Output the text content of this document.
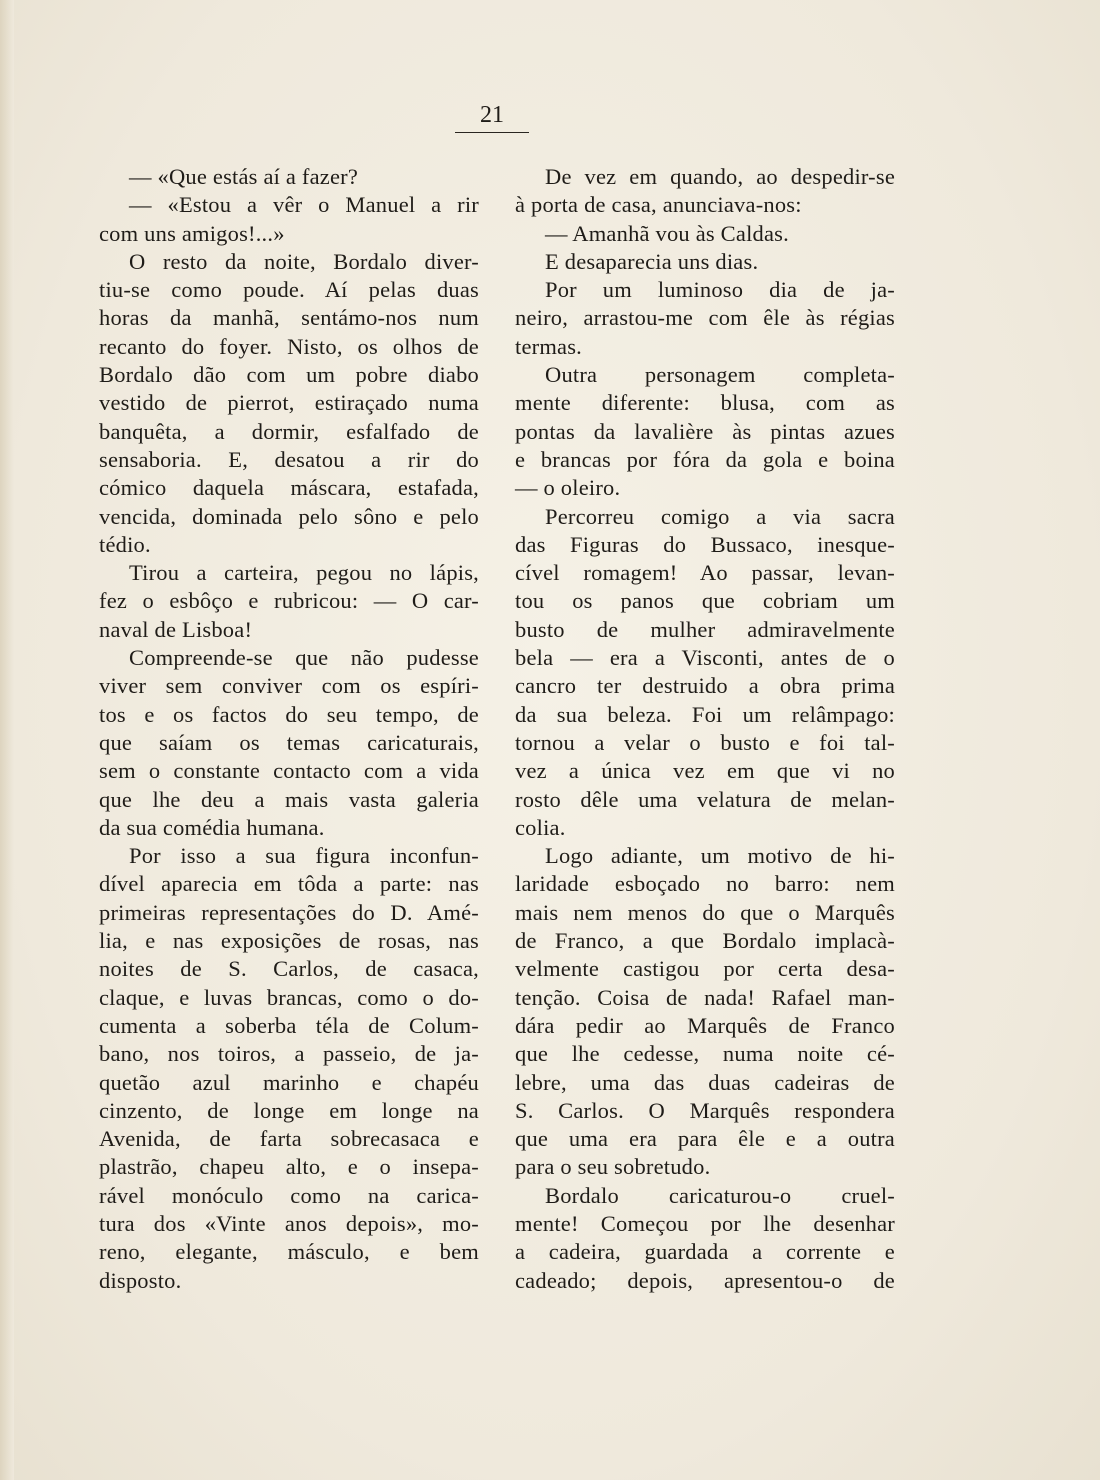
21
— «Que estás aí a fazer?
— «Estou a vêr o Manuel a rir
com uns amigos!...»
O resto da noite, Bordalo diver-
tiu-se como poude. Aí pelas duas
horas da manhã, sentámo-nos num
recanto do foyer. Nisto, os olhos de
Bordalo dão com um pobre diabo
vestido de pierrot, estiraçado numa
banquêta, a dormir, esfalfado de
sensaboria. E, desatou a rir do
cómico daquela máscara, estafada,
vencida, dominada pelo sôno e pelo
tédio.
Tirou a carteira, pegou no lápis,
fez o esbôço e rubricou: — O car-
naval de Lisboa!
Compreende-se que não pudesse
viver sem conviver com os espíri-
tos e os factos do seu tempo, de
que saíam os temas caricaturais,
sem o constante contacto com a vida
que lhe deu a mais vasta galeria
da sua comédia humana.
Por isso a sua figura inconfun-
dível aparecia em tôda a parte: nas
primeiras representações do D. Amé-
lia, e nas exposições de rosas, nas
noites de S. Carlos, de casaca,
claque, e luvas brancas, como o do-
cumenta a soberba téla de Colum-
bano, nos toiros, a passeio, de ja-
quetão azul marinho e chapéu
cinzento, de longe em longe na
Avenida, de farta sobrecasaca e
plastrão, chapeu alto, e o insepa-
rável monóculo como na carica-
tura dos «Vinte anos depois», mo-
reno, elegante, másculo, e bem
disposto.
De vez em quando, ao despedir-se
à porta de casa, anunciava-nos:
— Amanhã vou às Caldas.
E desaparecia uns dias.
Por um luminoso dia de ja-
neiro, arrastou-me com êle às régias
termas.
Outra personagem completa-
mente diferente: blusa, com as
pontas da lavalière às pintas azues
e brancas por fóra da gola e boina
— o oleiro.
Percorreu comigo a via sacra
das Figuras do Bussaco, inesque-
cível romagem! Ao passar, levan-
tou os panos que cobriam um
busto de mulher admiravelmente
bela — era a Visconti, antes de o
cancro ter destruido a obra prima
da sua beleza. Foi um relâmpago:
tornou a velar o busto e foi tal-
vez a única vez em que vi no
rosto dêle uma velatura de melan-
colia.
Logo adiante, um motivo de hi-
laridade esboçado no barro: nem
mais nem menos do que o Marquês
de Franco, a que Bordalo implacà-
velmente castigou por certa desa-
tenção. Coisa de nada! Rafael man-
dára pedir ao Marquês de Franco
que lhe cedesse, numa noite cé-
lebre, uma das duas cadeiras de
S. Carlos. O Marquês respondera
que uma era para êle e a outra
para o seu sobretudo.
Bordalo caricaturou-o cruel-
mente! Começou por lhe desenhar
a cadeira, guardada a corrente e
cadeado; depois, apresentou-o de
